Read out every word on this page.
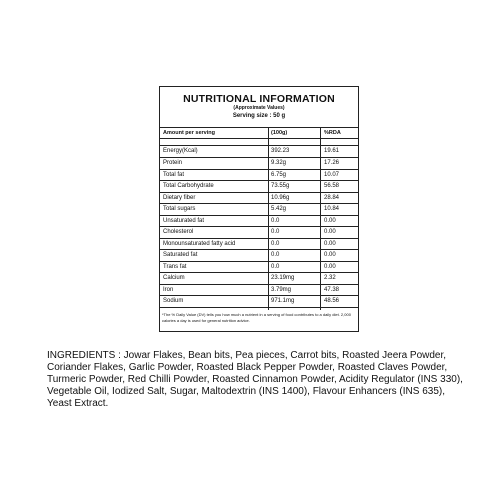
NUTRITIONAL INFORMATION
(Approximate Values)
Serving size : 50 g
Amount per serving	(100g)	%RDA
Energy(Kcal)	392.23	19.61
Protein	9.32g	17.26
Total fat	6.75g	10.07
Total Carbohydrate	73.55g	56.58
Dietary fiber	10.96g	28.84
Total sugars	5.42g	10.84
Unsaturated fat	0.0	0.00
Cholesterol	0.0	0.00
Monounsaturated fatty acid	0.0	0.00
Saturated fat	0.0	0.00
Trans fat	0.0	0.00
Calcium	23.19mg	2.32
Iron	3.79mg	47.38
Sodium	971.1mg	48.56
*The % Daily Value (DV) tells you how much a nutrient in a serving of food contributes to a daily diet. 2,000 calories a day is used for general nutrition advice.
INGREDIENTS : Jowar Flakes, Bean bits, Pea pieces, Carrot bits, Roasted Jeera Powder, Coriander Flakes, Garlic Powder, Roasted Black Pepper Powder, Roasted Claves Powder, Turmeric Powder, Red Chilli Powder, Roasted Cinnamon Powder, Acidity Regulator (INS 330), Vegetable Oil, Iodized Salt, Sugar, Maltodextrin (INS 1400), Flavour Enhancers (INS 635), Yeast Extract.
